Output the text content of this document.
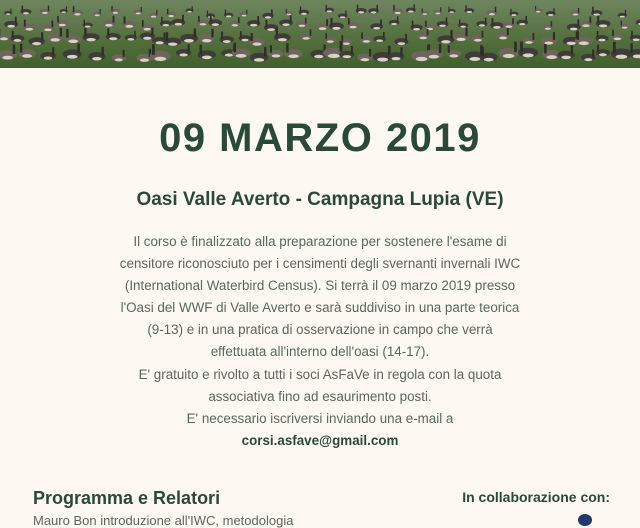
09 MARZO 2019
Oasi Valle Averto - Campagna Lupia (VE)
Il corso è finalizzato alla preparazione per sostenere l'esame di
censitore riconosciuto per i censimenti degli svernanti invernali IWC
(International Waterbird Census). Si terrà il 09 marzo 2019 presso
l'Oasi del WWF di Valle Averto e sarà suddiviso in una parte teorica
(9-13) e in una pratica di osservazione in campo che verrà
effettuata all'interno dell'oasi (14-17).
E' gratuito e rivolto a tutti i soci AsFaVe in regola con la quota
associativa fino ad esaurimento posti.
E' necessario iscriversi inviando una e-mail a
corsi.asfave@gmail.com
Programma e Relatori	In collaborazione con:
Mauro Bon introduzione all'IWC, metodologia
